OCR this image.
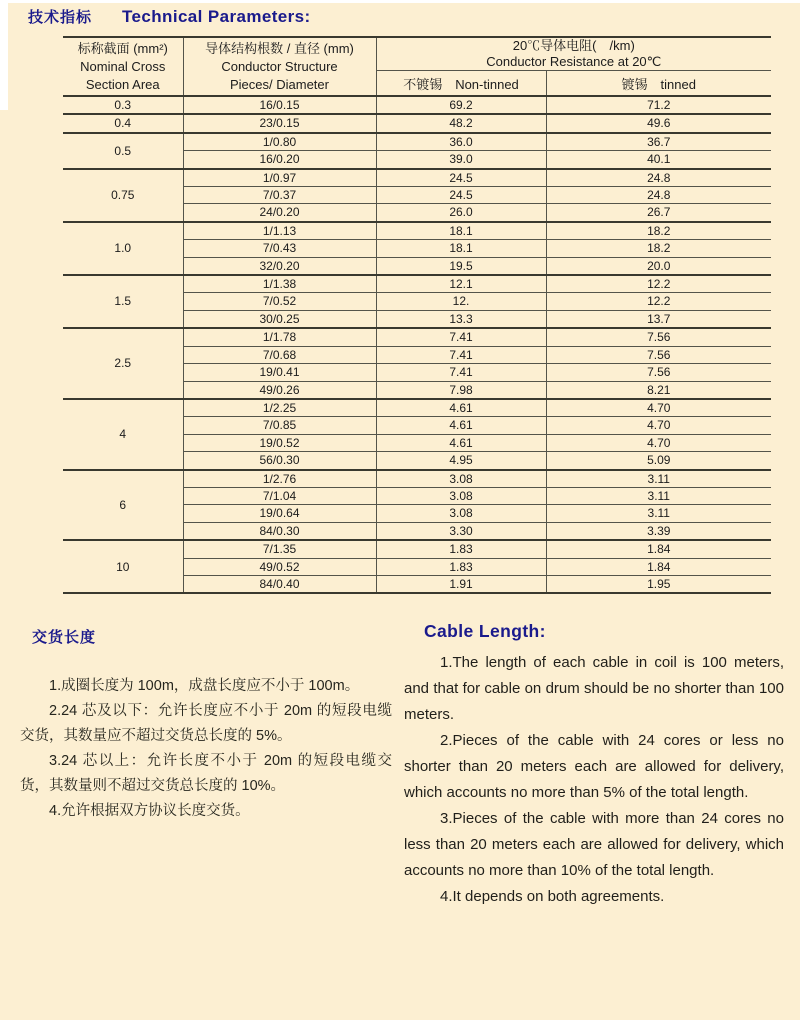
技术指标 Technical Parameters:
标称截面 (mm²)
Nominal Cross
Section Area

导体结构根数 / 直径 (mm)
Conductor Structure
Pieces/ Diameter

20℃导体电阻(　/km)
Conductor Resistance at 20℃

		不镀锡　Non-tinned	镀锡　tinned
0.3	16/0.15	69.2	71.2
0.4	23/0.15	48.2	49.6
0.5	1/0.80	36.0	36.7
	16/0.20	39.0	40.1
0.75	1/0.97	24.5	24.8
	7/0.37	24.5	24.8
	24/0.20	26.0	26.7
1.0	1/1.13	18.1	18.2
	7/0.43	18.1	18.2
	32/0.20	19.5	20.0
1.5	1/1.38	12.1	12.2
	7/0.52	12.	12.2
	30/0.25	13.3	13.7
2.5	1/1.78	7.41	7.56
	7/0.68	7.41	7.56
	19/0.41	7.41	7.56
	49/0.26	7.98	8.21
4	1/2.25	4.61	4.70
	7/0.85	4.61	4.70
	19/0.52	4.61	4.70
	56/0.30	4.95	5.09
6	1/2.76	3.08	3.11
	7/1.04	3.08	3.11
	19/0.64	3.08	3.11
	84/0.30	3.30	3.39
10	7/1.35	1.83	1.84
	49/0.52	1.83	1.84
	84/0.40	1.91	1.95
交货长度

1.成圈长度为 100m，成盘长度应不小于 100m。

2.24 芯及以下：允许长度应不小于 20m 的短段电缆交货，其数量应不超过交货总长度的 5%。

3.24 芯以上：允许长度不小于 20m 的短段电缆交货，其数量则不超过交货总长度的 10%。

4.允许根据双方协议长度交货。

Cable Length:

1.The length of each cable in coil is 100 meters, and that for cable on drum should be no shorter than 100 meters.

2.Pieces of the cable with 24 cores or less no shorter than 20 meters each are allowed for delivery, which accounts no more than 5% of the total length.

3.Pieces of the cable with more than 24 cores no less than 20 meters each are allowed for delivery, which accounts no more than 10% of the total length.

4.It depends on both agreements.
